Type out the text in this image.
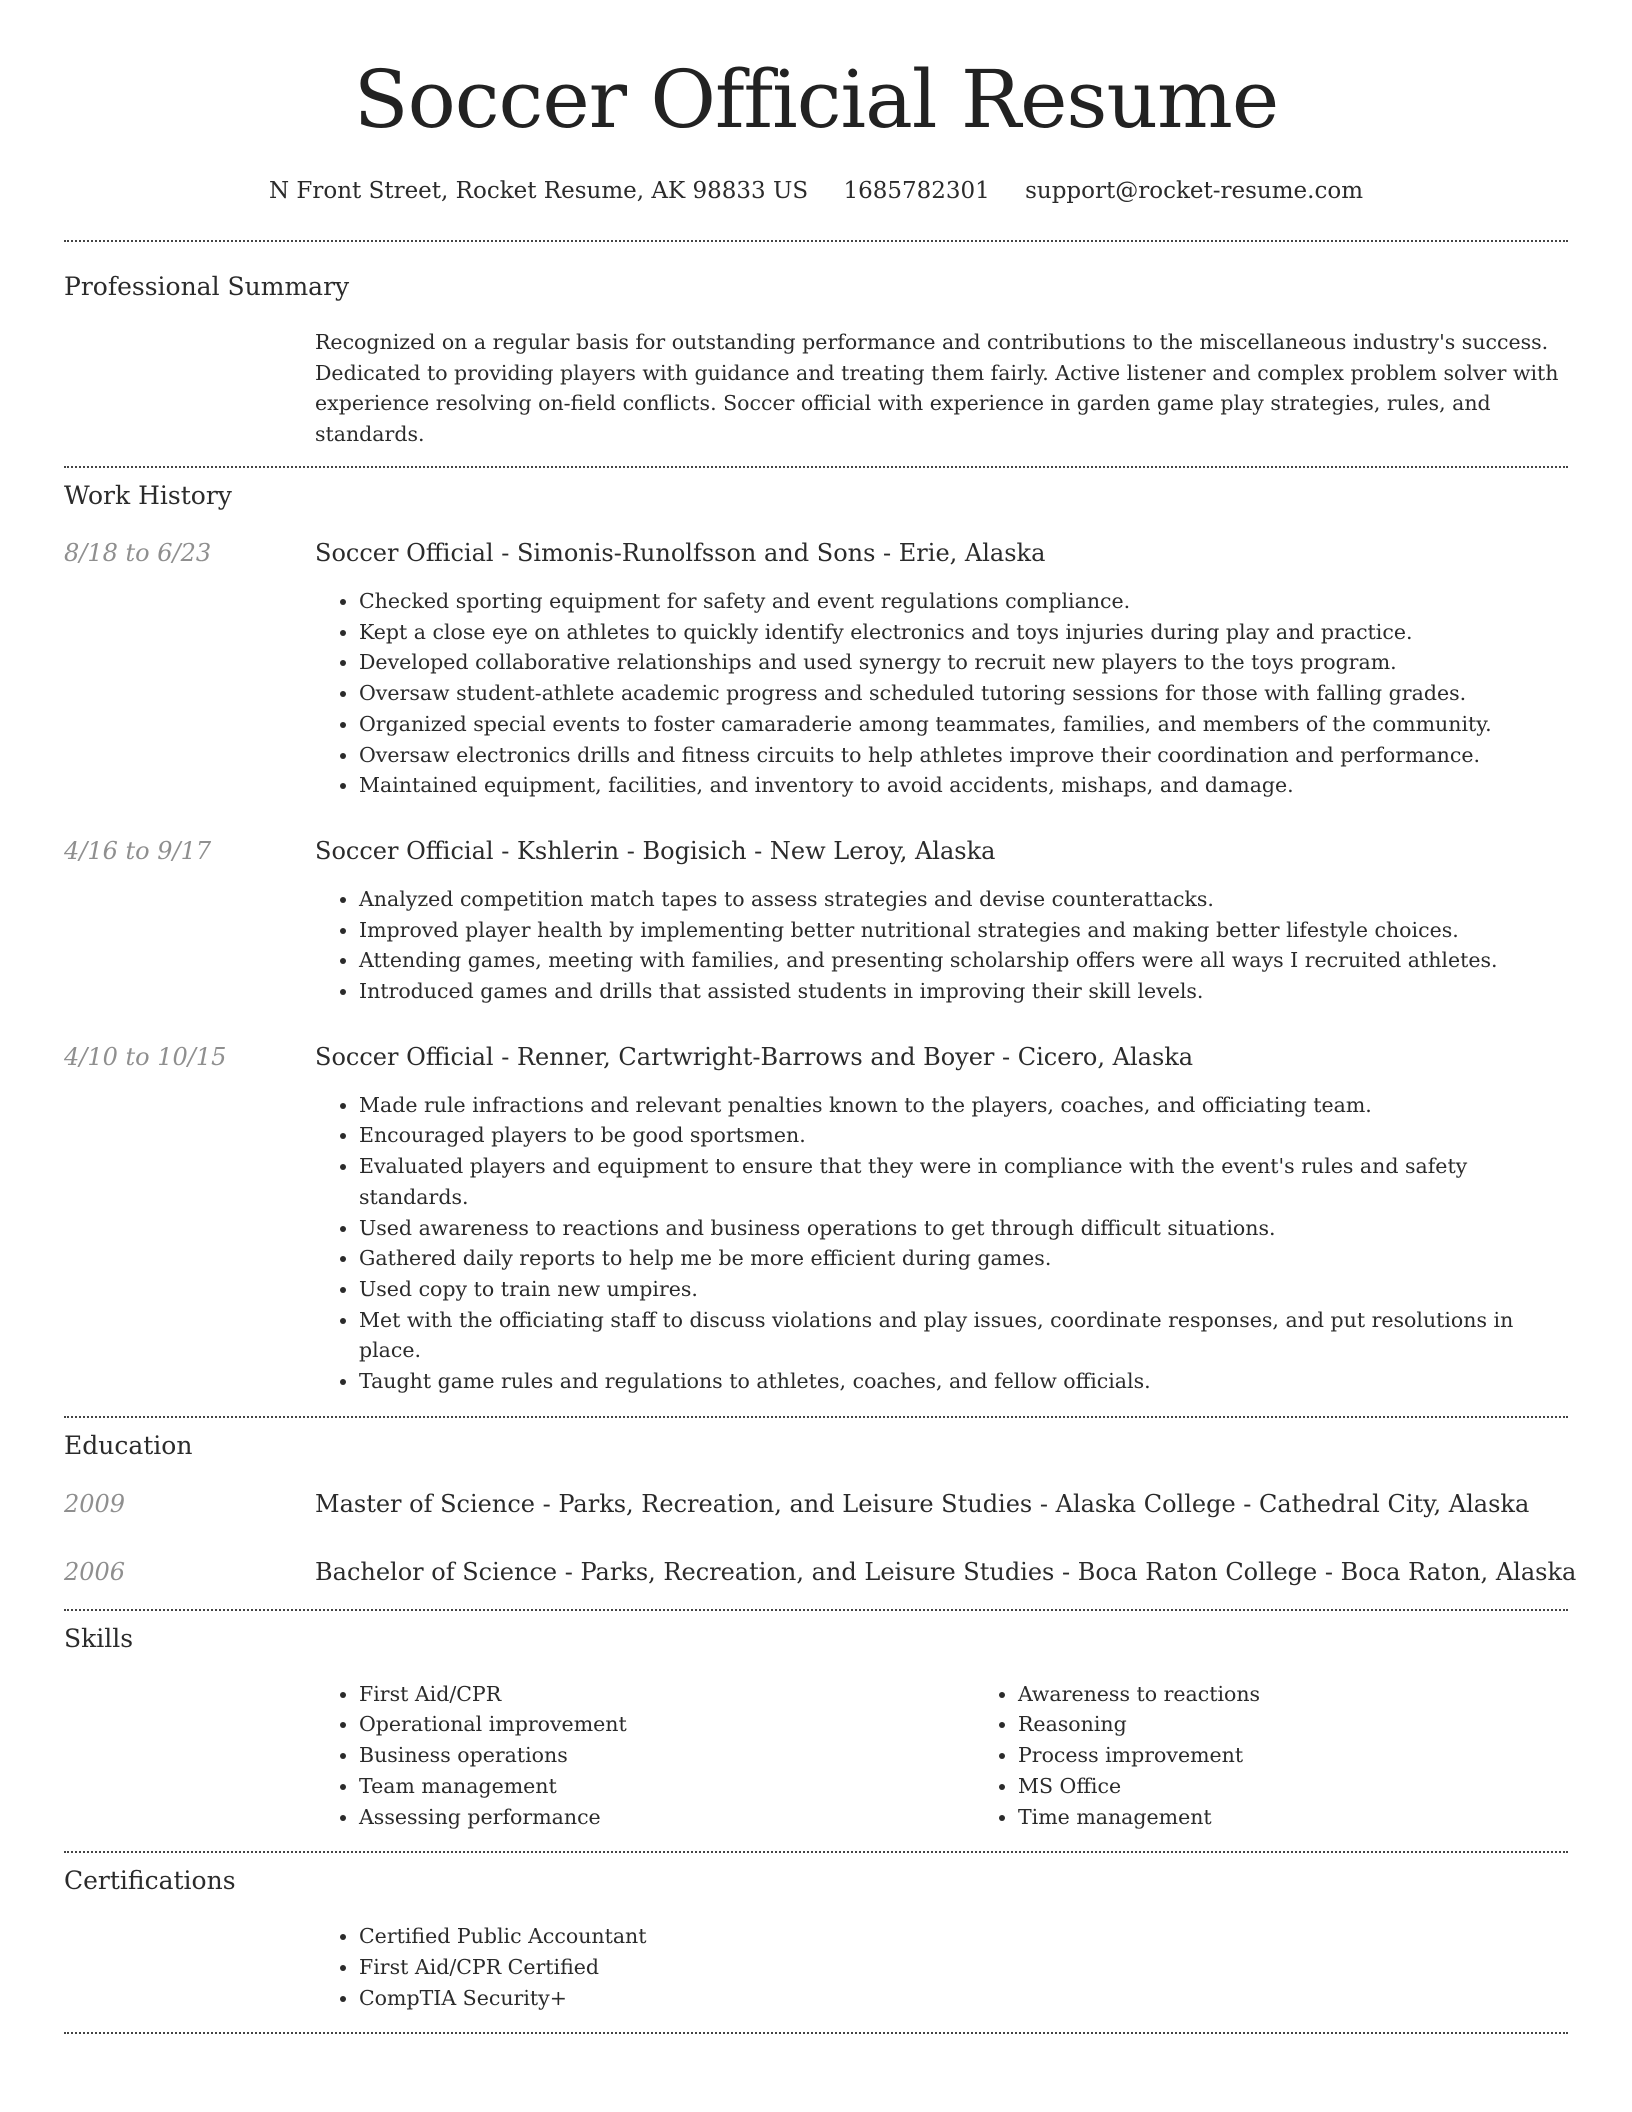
Soccer Official Resume
N Front Street, Rocket Resume, AK 98833 US 1685782301 support@rocket-resume.com
Professional Summary

Recognized on a regular basis for outstanding performance and contributions to the miscellaneous industry's success. Dedicated to providing players with guidance and treating them fairly. Active listener and complex problem solver with experience resolving on-field conflicts. Soccer official with experience in garden game play strategies, rules, and standards.

Work History
8/18 to 6/23	Soccer Official - Simonis-Runolfsson and Sons - Erie, Alaska
• Checked sporting equipment for safety and event regulations compliance.
• Kept a close eye on athletes to quickly identify electronics and toys injuries during play and practice.
• Developed collaborative relationships and used synergy to recruit new players to the toys program.
• Oversaw student-athlete academic progress and scheduled tutoring sessions for those with falling grades.
• Organized special events to foster camaraderie among teammates, families, and members of the community.
• Oversaw electronics drills and fitness circuits to help athletes improve their coordination and performance.
• Maintained equipment, facilities, and inventory to avoid accidents, mishaps, and damage.
4/16 to 9/17	Soccer Official - Kshlerin - Bogisich - New Leroy, Alaska
• Analyzed competition match tapes to assess strategies and devise counterattacks.
• Improved player health by implementing better nutritional strategies and making better lifestyle choices.
• Attending games, meeting with families, and presenting scholarship offers were all ways I recruited athletes.
• Introduced games and drills that assisted students in improving their skill levels.
4/10 to 10/15	Soccer Official - Renner, Cartwright-Barrows and Boyer - Cicero, Alaska
• Made rule infractions and relevant penalties known to the players, coaches, and officiating team.
• Encouraged players to be good sportsmen.
• Evaluated players and equipment to ensure that they were in compliance with the event's rules and safety standards.
• Used awareness to reactions and business operations to get through difficult situations.
• Gathered daily reports to help me be more efficient during games.
• Used copy to train new umpires.
• Met with the officiating staff to discuss violations and play issues, coordinate responses, and put resolutions in place.
• Taught game rules and regulations to athletes, coaches, and fellow officials.
Education
2009	Master of Science - Parks, Recreation, and Leisure Studies - Alaska College - Cathedral City, Alaska
2006	Bachelor of Science - Parks, Recreation, and Leisure Studies - Boca Raton College - Boca Raton, Alaska
Skills
• First Aid/CPR
• Operational improvement
• Business operations
• Team management
• Assessing performance
• Awareness to reactions
• Reasoning
• Process improvement
• MS Office
• Time management
Certifications
• Certified Public Accountant
• First Aid/CPR Certified
• CompTIA Security+
